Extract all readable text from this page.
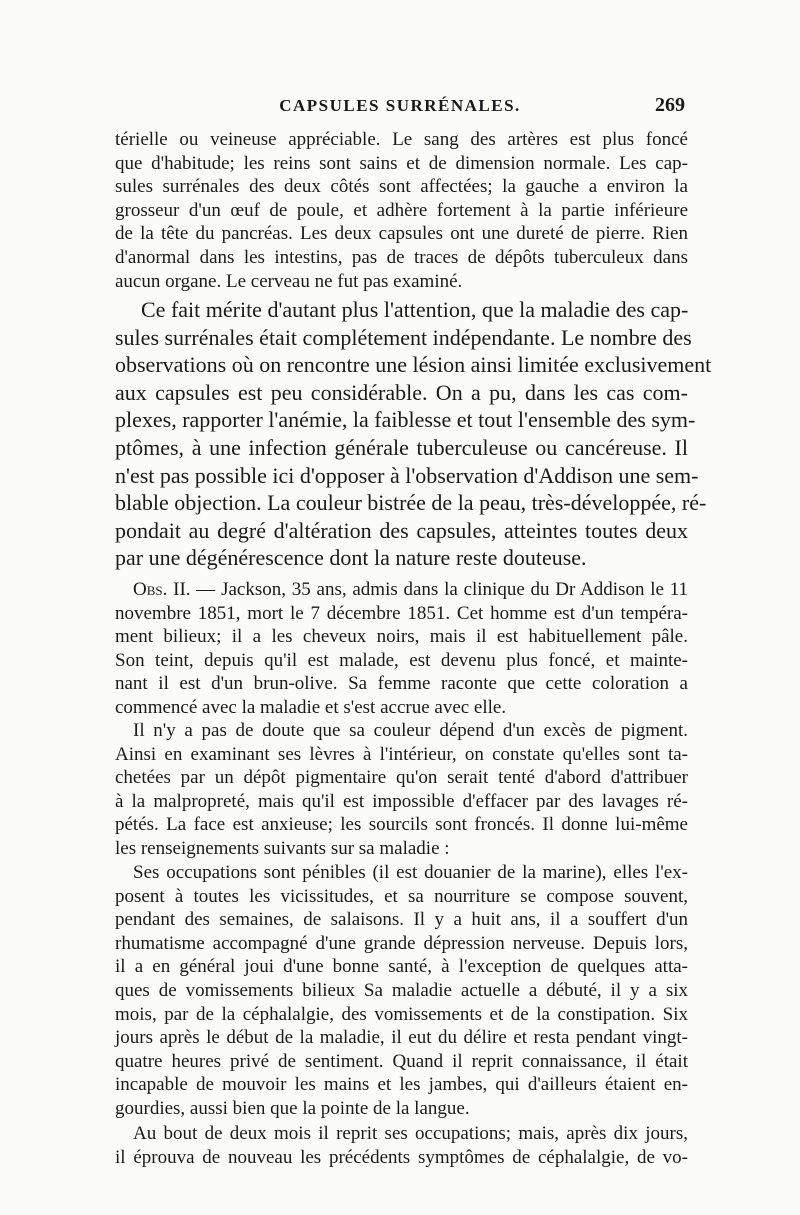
CAPSULES SURRÉNALES.	269
térielle ou veineuse appréciable. Le sang des artères est plus foncé
que d'habitude; les reins sont sains et de dimension normale. Les cap-
sules surrénales des deux côtés sont affectées; la gauche a environ la
grosseur d'un œuf de poule, et adhère fortement à la partie inférieure
de la tête du pancréas. Les deux capsules ont une dureté de pierre. Rien
d'anormal dans les intestins, pas de traces de dépôts tuberculeux dans
aucun organe. Le cerveau ne fut pas examiné.
Ce fait mérite d'autant plus l'attention, que la maladie des cap-
sules surrénales était complétement indépendante. Le nombre des
observations où on rencontre une lésion ainsi limitée exclusivement
aux capsules est peu considérable. On a pu, dans les cas com-
plexes, rapporter l'anémie, la faiblesse et tout l'ensemble des sym-
ptômes, à une infection générale tuberculeuse ou cancéreuse. Il
n'est pas possible ici d'opposer à l'observation d'Addison une sem-
blable objection. La couleur bistrée de la peau, très-développée, ré-
pondait au degré d'altération des capsules, atteintes toutes deux
par une dégénérescence dont la nature reste douteuse.
Obs. II. — Jackson, 35 ans, admis dans la clinique du Dr Addison le 11
novembre 1851, mort le 7 décembre 1851. Cet homme est d'un tempéra-
ment bilieux; il a les cheveux noirs, mais il est habituellement pâle.
Son teint, depuis qu'il est malade, est devenu plus foncé, et mainte-
nant il est d'un brun-olive. Sa femme raconte que cette coloration a
commencé avec la maladie et s'est accrue avec elle.
Il n'y a pas de doute que sa couleur dépend d'un excès de pigment.
Ainsi en examinant ses lèvres à l'intérieur, on constate qu'elles sont ta-
chetées par un dépôt pigmentaire qu'on serait tenté d'abord d'attribuer
à la malpropreté, mais qu'il est impossible d'effacer par des lavages ré-
pétés. La face est anxieuse; les sourcils sont froncés. Il donne lui-même
les renseignements suivants sur sa maladie :
Ses occupations sont pénibles (il est douanier de la marine), elles l'ex-
posent à toutes les vicissitudes, et sa nourriture se compose souvent,
pendant des semaines, de salaisons. Il y a huit ans, il a souffert d'un
rhumatisme accompagné d'une grande dépression nerveuse. Depuis lors,
il a en général joui d'une bonne santé, à l'exception de quelques atta-
ques de vomissements bilieux Sa maladie actuelle a débuté, il y a six
mois, par de la céphalalgie, des vomissements et de la constipation. Six
jours après le début de la maladie, il eut du délire et resta pendant vingt-
quatre heures privé de sentiment. Quand il reprit connaissance, il était
incapable de mouvoir les mains et les jambes, qui d'ailleurs étaient en-
gourdies, aussi bien que la pointe de la langue.
Au bout de deux mois il reprit ses occupations; mais, après dix jours,
il éprouva de nouveau les précédents symptômes de céphalalgie, de vo-
